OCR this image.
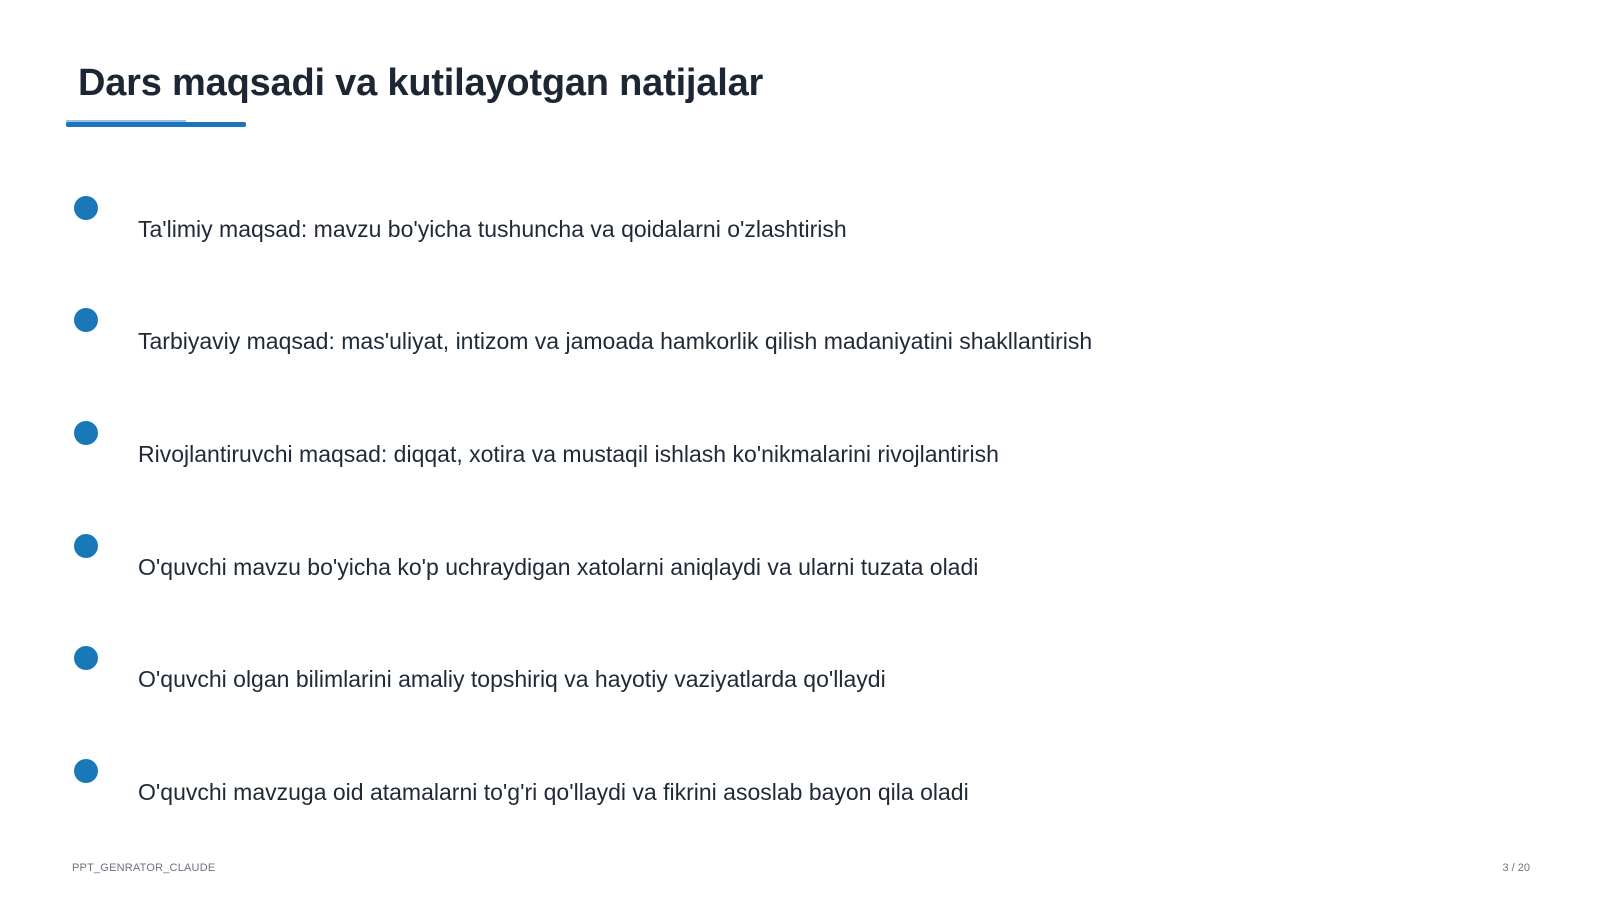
Dars maqsadi va kutilayotgan natijalar
Ta'limiy maqsad: mavzu bo'yicha tushuncha va qoidalarni o'zlashtirish
Tarbiyaviy maqsad: mas'uliyat, intizom va jamoada hamkorlik qilish madaniyatini shakllantirish
Rivojlantiruvchi maqsad: diqqat, xotira va mustaqil ishlash ko'nikmalarini rivojlantirish
O'quvchi mavzu bo'yicha ko'p uchraydigan xatolarni aniqlaydi va ularni tuzata oladi
O'quvchi olgan bilimlarini amaliy topshiriq va hayotiy vaziyatlarda qo'llaydi
O'quvchi mavzuga oid atamalarni to'g'ri qo'llaydi va fikrini asoslab bayon qila oladi
PPT_GENRATOR_CLAUDE	3 / 20
